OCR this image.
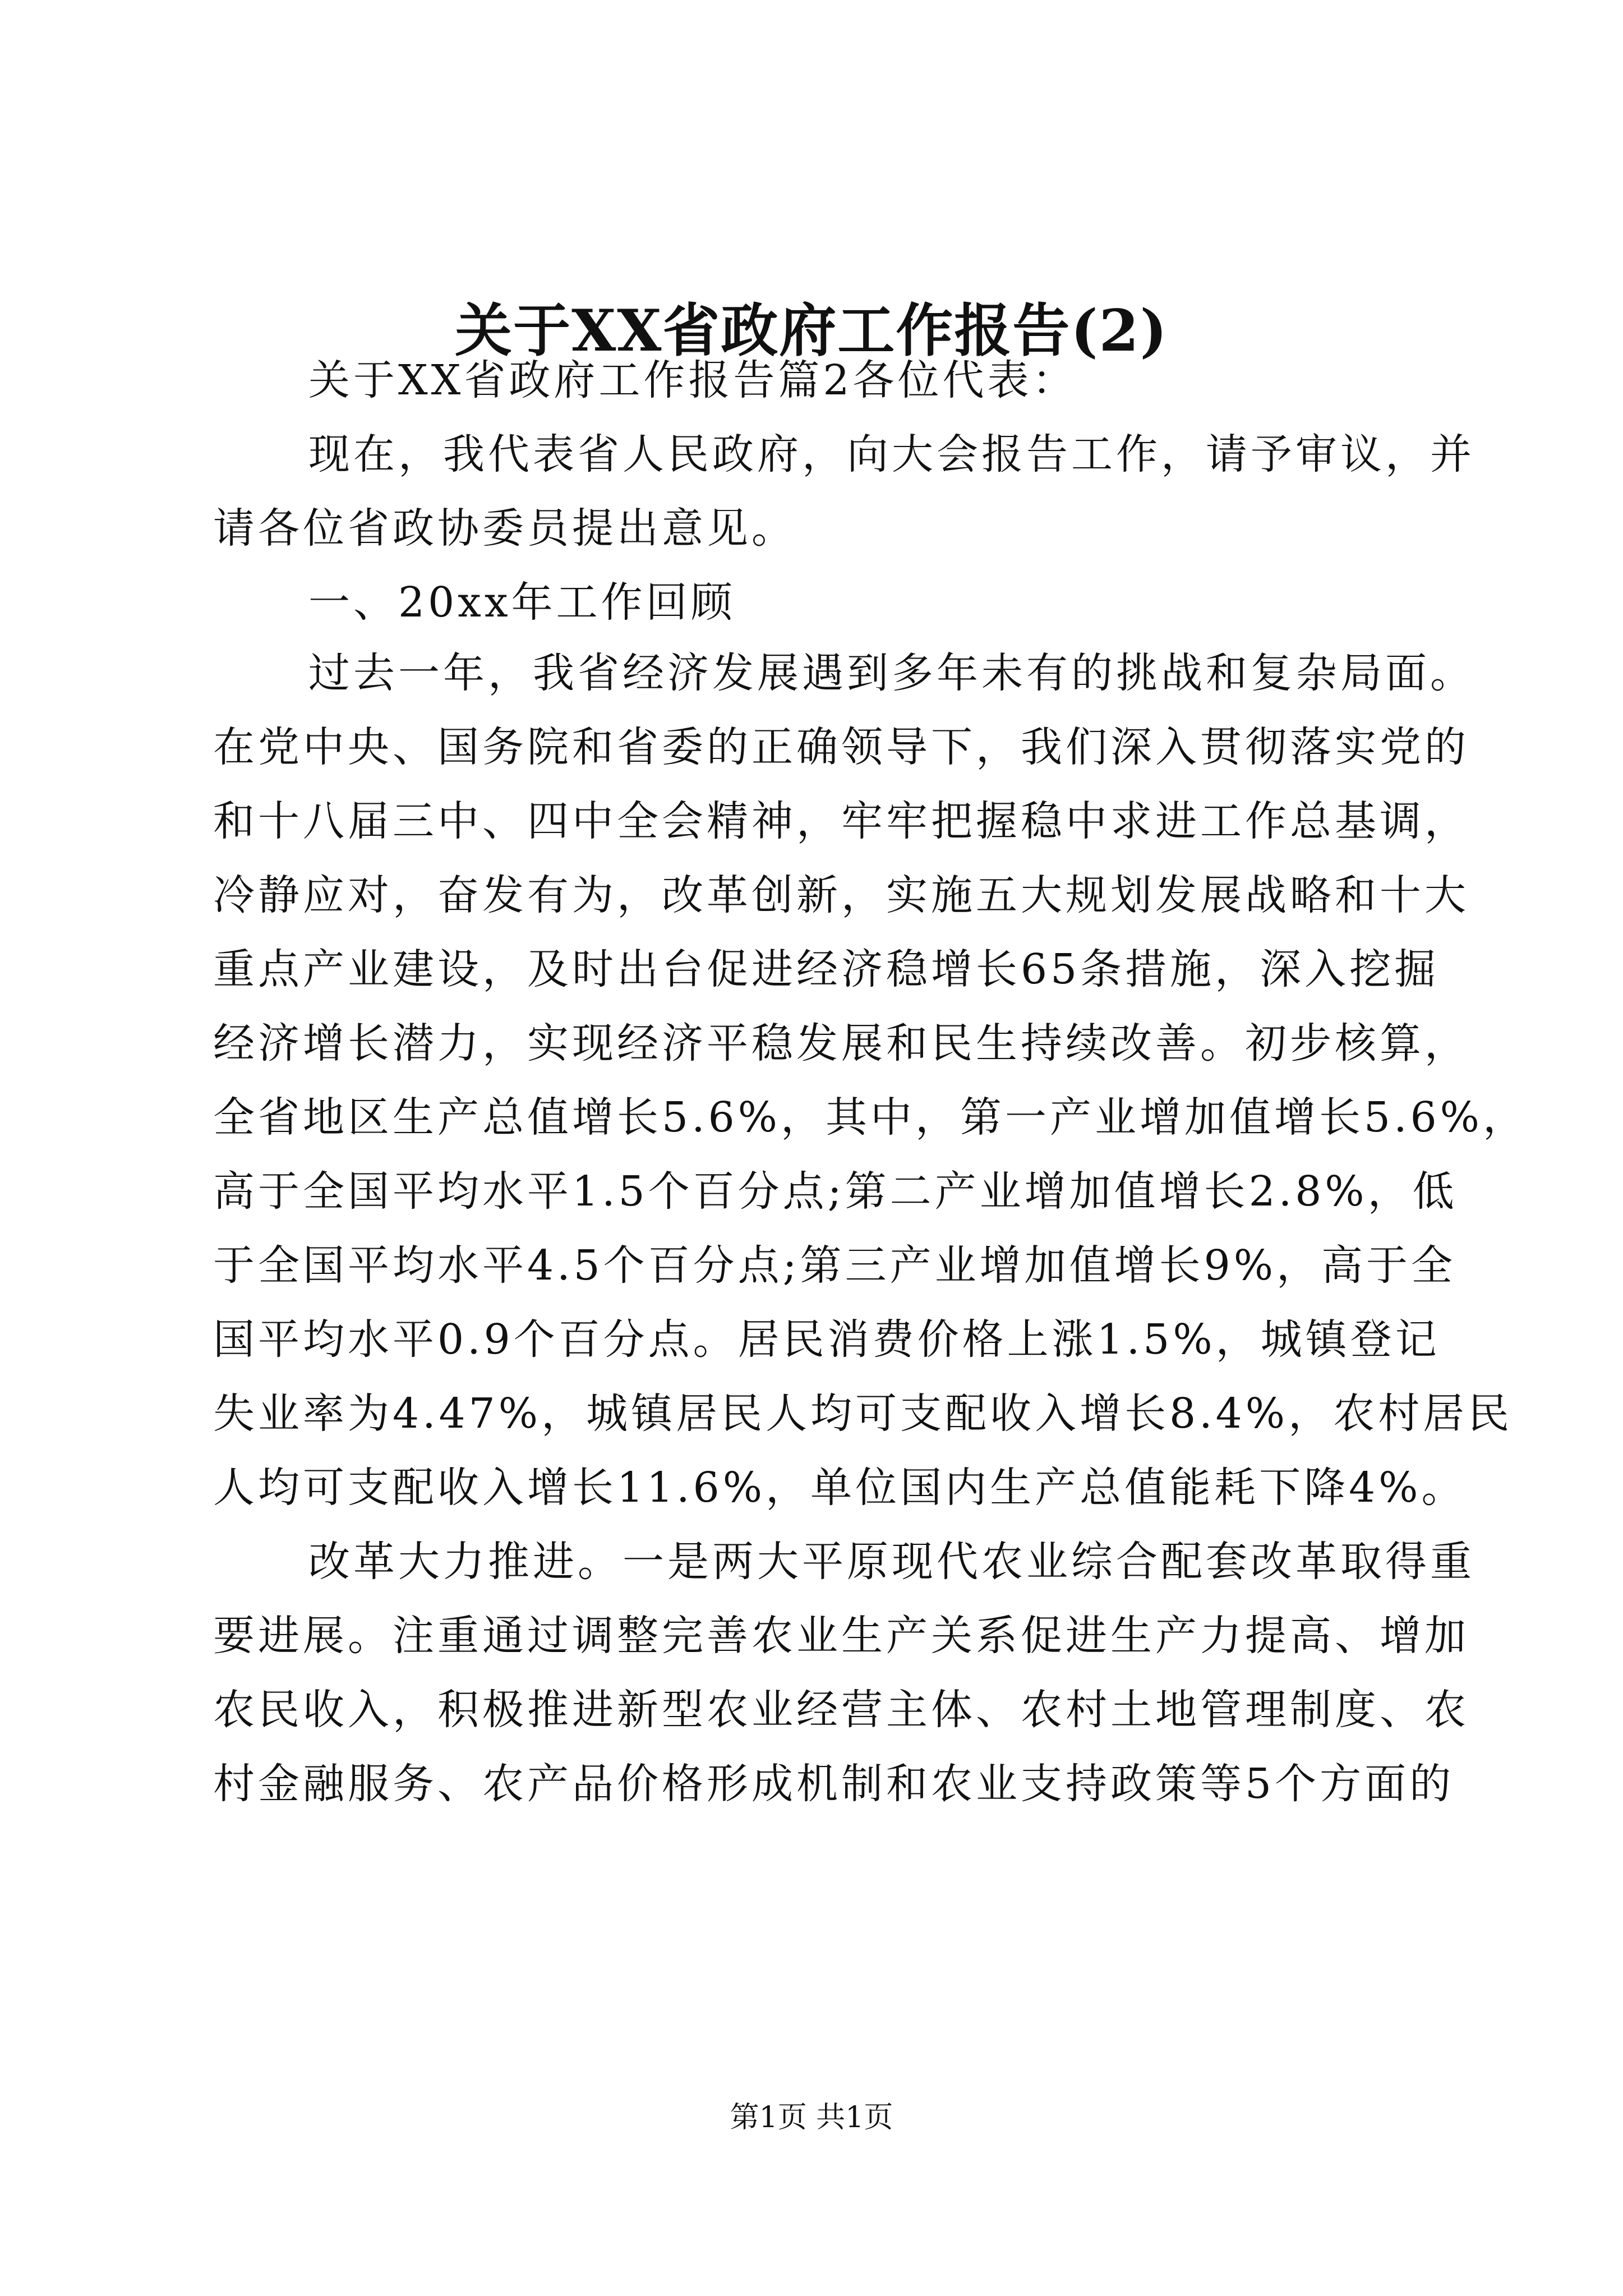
关于XX省政府工作报告(2)

关于XX省政府工作报告篇2各位代表：

现在，我代表省人民政府，向大会报告工作，请予审议，并

请各位省政协委员提出意见。

一、20xx年工作回顾

过去一年，我省经济发展遇到多年未有的挑战和复杂局面。

在党中央、国务院和省委的正确领导下，我们深入贯彻落实党的

和十八届三中、四中全会精神，牢牢把握稳中求进工作总基调，

冷静应对，奋发有为，改革创新，实施五大规划发展战略和十大

重点产业建设，及时出台促进经济稳增长65条措施，深入挖掘

经济增长潜力，实现经济平稳发展和民生持续改善。初步核算，

全省地区生产总值增长5.6%，其中，第一产业增加值增长5.6%，

高于全国平均水平1.5个百分点;第二产业增加值增长2.8%，低

于全国平均水平4.5个百分点;第三产业增加值增长9%，高于全

国平均水平0.9个百分点。居民消费价格上涨1.5%，城镇登记

失业率为4.47%，城镇居民人均可支配收入增长8.4%，农村居民

人均可支配收入增长11.6%，单位国内生产总值能耗下降4%。

改革大力推进。一是两大平原现代农业综合配套改革取得重

要进展。注重通过调整完善农业生产关系促进生产力提高、增加

农民收入，积极推进新型农业经营主体、农村土地管理制度、农

村金融服务、农产品价格形成机制和农业支持政策等5个方面的

第1页 共1页
